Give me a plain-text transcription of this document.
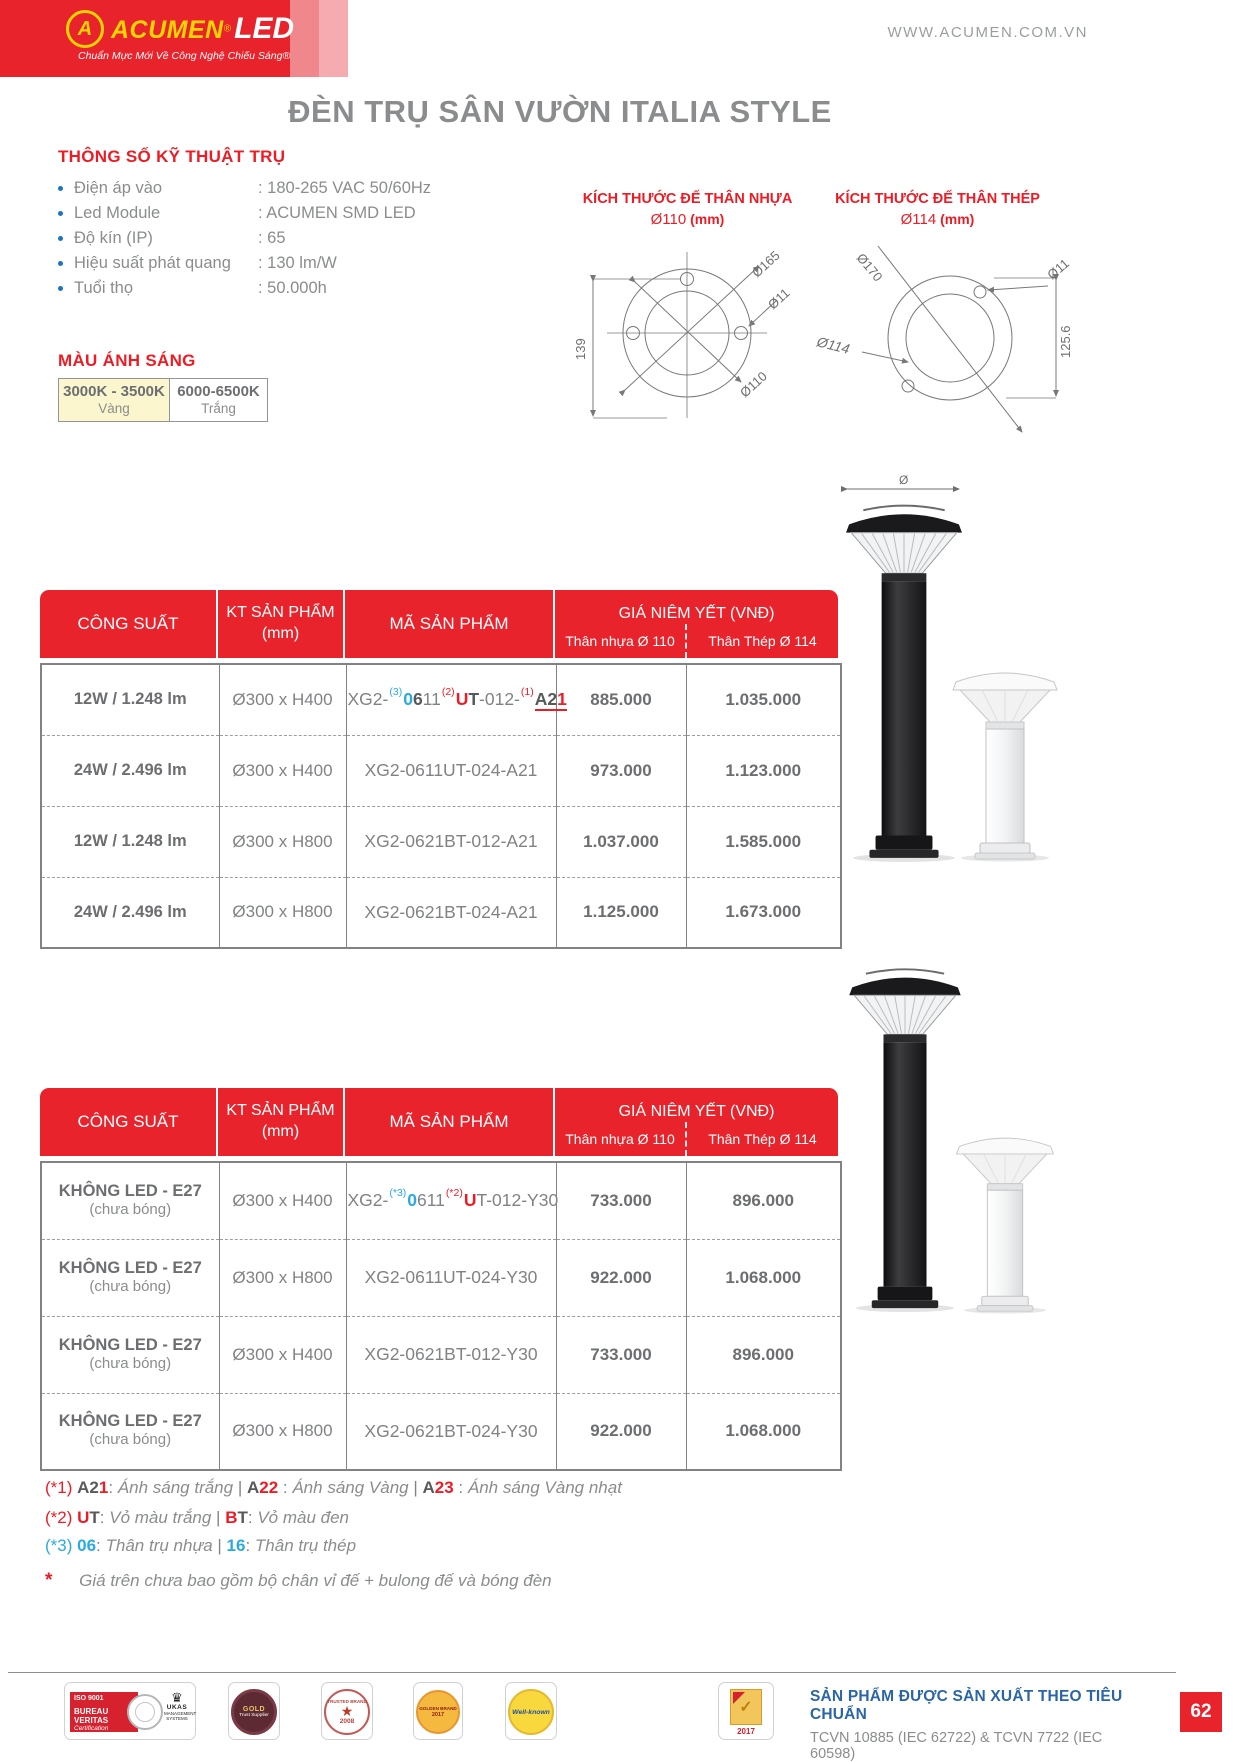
A ACUMEN® LED
Chuẩn Mực Mới Về Công Nghệ Chiếu Sáng®
WWW.ACUMEN.COM.VN
ĐÈN TRỤ SÂN VƯỜN ITALIA STYLE
THÔNG SỐ KỸ THUẬT TRỤ
Điện áp vào	: 180-265 VAC 50/60Hz
Led Module	: ACUMEN SMD LED
Độ kín (IP)	: 65
Hiệu suất phát quang	: 130 lm/W
Tuổi thọ	: 50.000h
MÀU ÁNH SÁNG
3000K - 3500K
Vàng
6000-6500K
Trắng
KÍCH THƯỚC ĐẾ THÂN NHỰA
Ø110 (mm)
Ø165
Ø11
Ø110
139
KÍCH THƯỚC ĐẾ THÂN THÉP
Ø114 (mm)
Ø170	Ø11
Ø114	125.6
CÔNG SUẤT
KT SẢN PHẨM
(mm)
MÃ SẢN PHẨM
GIÁ NIÊM YẾT (VNĐ)
Thân nhựa Ø 110	Thân Thép Ø 114
12W / 1.248 lm	Ø300 x H400	XG2-$^{(3)}$0611$^{(2)}$UT-012-$^{(1)}$A21	885.000	1.035.000
24W / 2.496 lm	Ø300 x H400	XG2-0611UT-024-A21	973.000	1.123.000
12W / 1.248 lm	Ø300 x H800	XG2-0621BT-012-A21	1.037.000	1.585.000
24W / 2.496 lm	Ø300 x H800	XG2-0621BT-024-A21	1.125.000	1.673.000
Ø
CÔNG SUẤT
KT SẢN PHẨM
(mm)
MÃ SẢN PHẨM
GIÁ NIÊM YẾT (VNĐ)
Thân nhựa Ø 110	Thân Thép Ø 114
KHÔNG LED - E27
(chưa bóng)	Ø300 x H400	$XG2-^{(*3)}0611^{(*2)}UT-012-Y30$	733.000	896.000

KHÔNG LED - E27
(chưa bóng)	Ø300 x H800	XG2-0611UT-024-Y30	922.000	1.068.000

KHÔNG LED - E27
(chưa bóng)	Ø300 x H400	XG2-0621BT-012-Y30	733.000	896.000

KHÔNG LED - E27
(chưa bóng)	Ø300 x H800	XG2-0621BT-024-Y30	922.000	1.068.000
(*1) A21: Ánh sáng trắng | A22 : Ánh sáng Vàng | A23 : Ánh sáng Vàng nhạt
(*2) UT: Vỏ màu trắng | BT: Vỏ màu đen
(*3) 06: Thân trụ nhựa | 16: Thân trụ thép
* Giá trên chưa bao gồm bộ chân vỉ đế + bulong đế và bóng đèn
ISO 9001
BUREAU VERITAS
Certification
♛
UKAS
MANAGEMENT SYSTEMS
GOLD
Trust Supplier
TRUSTED BRAND
★
2008
GOLDEN BRAND
2017	Well-known	✓
2017
SẢN PHẨM ĐƯỢC SẢN XUẤT THEO TIÊU CHUẨN
TCVN 10885 (IEC 62722) & TCVN 7722 (IEC 60598)
62
